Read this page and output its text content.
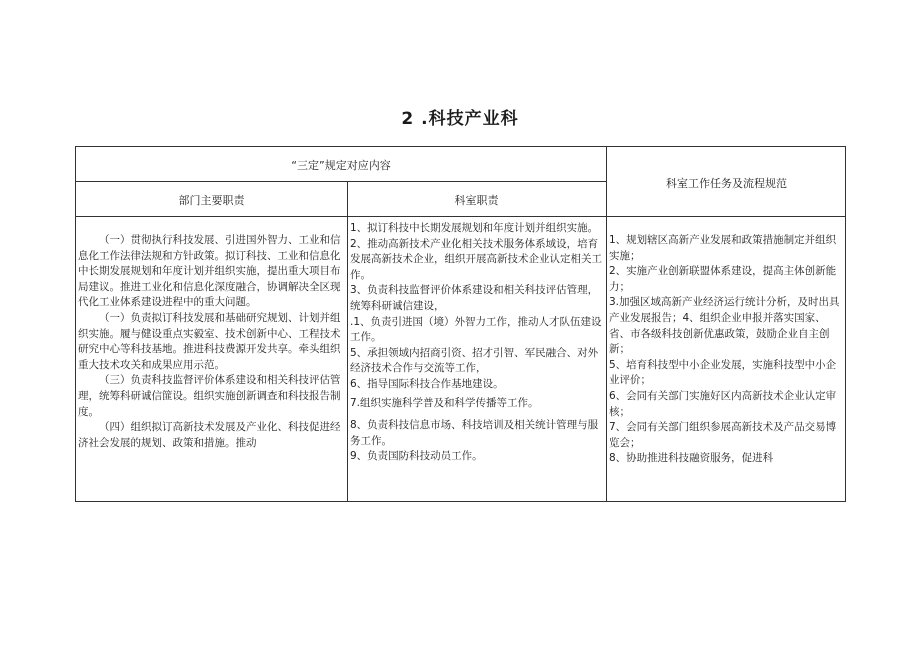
2 .科技产业科
“三定”规定对应内容
部门主要职责	科室职责
科室工作任务及流程规范

（一）贯彻执行科技发展、引进国外智力、工业和信息化工作法律法规和方针政策。拟订科技、工业和信息化中长期发展规划和年度计划并组织实施，提出重大项目布局建议。推进工业化和信息化深度融合，协调解决全区现代化工业体系建设进程中的重大问题。

（一）负责拟订科技发展和基础研究规划、计划并组织实施。履与健设重点实毅室、技术创新中心、工程技术研究中心等科技基地。推进科技费源开发共享。牵头组织重大技术攻关和成果应用示范。

（三）负责科技监督评价体系建设和相关科技评估管理，统筹科研诚信篚设。组织实施创新调查和科技报告制度。

（四）组织拟订高新技术发展及产业化、科技促进经济社会发展的规划、政策和措施。推动

1、拟订科技中长期发展规划和年度计划并组织实施。

2、推动高新技术产业化相关技术服务体系域设，培育发展高新技术企业，组织开展高新技术企业认定相关工作。

3、负责科技监督评价体系建设和相关科技评估管理，统筹科研诚信建设，

.1、负责引进国（境）外智力工作，推动人才队伍建设工作。

5、承担领域内招商引资、招才引智、军民融合、对外经济技术合作与交流等工作，

6、指导国际科技合作基地建设。

7.组织实施科学普及和科学传播等工作。

8、负责科技信息市场、科技培训及相关统计管理与服务工作。

9、负责国防科技动员工作。

1、规划辖区高新产业发展和政策措施制定并组织实施；

2、实施产业创新联盟体系建设，提高主体创新能力；

3.加强区域高新产业经济运行统计分析，及时出具产业发展报告；4、组织企业申报并落实国家、省、市各级科技创新优惠政策，鼓励企业自主创新；

5、培育科技型中小企业发展，实施科技型中小企业评价；

6、会同有关部门实施好区内高新技术企业认定审核；

7、会同有关部门组织参展高新技术及产品交易博览会；

8、协助推进科技融资服务，促进科
